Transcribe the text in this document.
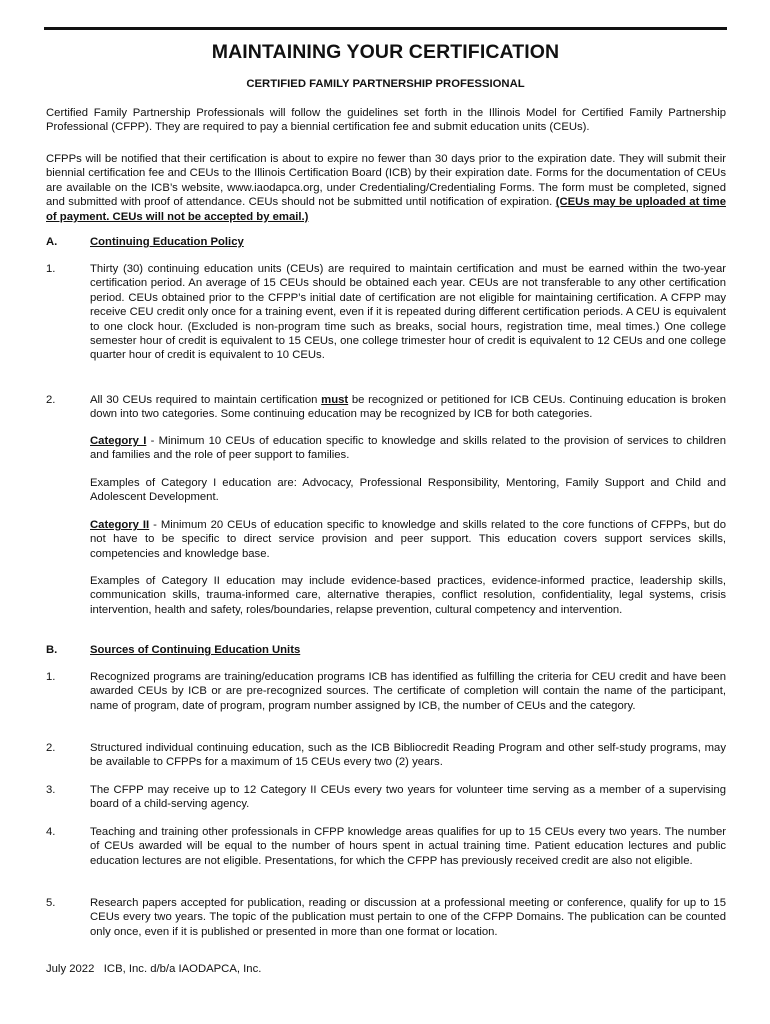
MAINTAINING YOUR CERTIFICATION
CERTIFIED FAMILY PARTNERSHIP PROFESSIONAL

Certified Family Partnership Professionals will follow the guidelines set forth in the Illinois Model for Certified Family Partnership Professional (CFPP). They are required to pay a biennial certification fee and submit education units (CEUs).

CFPPs will be notified that their certification is about to expire no fewer than 30 days prior to the expiration date. They will submit their biennial certification fee and CEUs to the Illinois Certification Board (ICB) by their expiration date. Forms for the documentation of CEUs are available on the ICB’s website, www.iaodapca.org, under Credentialing/Credentialing Forms. The form must be completed, signed and submitted with proof of attendance. CEUs should not be submitted until notification of expiration. (CEUs may be uploaded at time of payment. CEUs will not be accepted by email.)

A.	Continuing Education Policy
1.	Thirty (30) continuing education units (CEUs) are required to maintain certification and must be earned within the two-year certification period. An average of 15 CEUs should be obtained each year. CEUs are not transferable to any other certification period. CEUs obtained prior to the CFPP’s initial date of certification are not eligible for maintaining certification. A CFPP may receive CEU credit only once for a training event, even if it is repeated during different certification periods. A CEU is equivalent to one clock hour. (Excluded is non-program time such as breaks, social hours, registration time, meal times.) One college semester hour of credit is equivalent to 15 CEUs, one college trimester hour of credit is equivalent to 12 CEUs and one college quarter hour of credit is equivalent to 10 CEUs.

2.	All 30 CEUs required to maintain certification must be recognized or petitioned for ICB CEUs. Continuing education is broken down into two categories. Some continuing education may be recognized by ICB for both categories.

Category I - Minimum 10 CEUs of education specific to knowledge and skills related to the provision of services to children and families and the role of peer support to families.

Examples of Category I education are: Advocacy, Professional Responsibility, Mentoring, Family Support and Child and Adolescent Development.

Category II - Minimum 20 CEUs of education specific to knowledge and skills related to the core functions of CFPPs, but do not have to be specific to direct service provision and peer support. This education covers support services skills, competencies and knowledge base.

Examples of Category II education may include evidence-based practices, evidence-informed practice, leadership skills, communication skills, trauma-informed care, alternative therapies, conflict resolution, confidentiality, legal systems, crisis intervention, health and safety, roles/boundaries, relapse prevention, cultural competency and intervention.

B.	Sources of Continuing Education Units
1.	Recognized programs are training/education programs ICB has identified as fulfilling the criteria for CEU credit and have been awarded CEUs by ICB or are pre-recognized sources. The certificate of completion will contain the name of the participant, name of program, date of program, program number assigned by ICB, the number of CEUs and the category.

2.	Structured individual continuing education, such as the ICB Bibliocredit Reading Program and other self-study programs, may be available to CFPPs for a maximum of 15 CEUs every two (2) years.

3.	The CFPP may receive up to 12 Category II CEUs every two years for volunteer time serving as a member of a supervising board of a child-serving agency.

4.	Teaching and training other professionals in CFPP knowledge areas qualifies for up to 15 CEUs every two years. The number of CEUs awarded will be equal to the number of hours spent in actual training time. Patient education lectures and public education lectures are not eligible. Presentations, for which the CFPP has previously received credit are also not eligible.

5.	Research papers accepted for publication, reading or discussion at a professional meeting or conference, qualify for up to 15 CEUs every two years. The topic of the publication must pertain to one of the CFPP Domains. The publication can be counted only once, even if it is published or presented in more than one format or location.

July 2022   ICB, Inc. d/b/a IAODAPCA, Inc.
